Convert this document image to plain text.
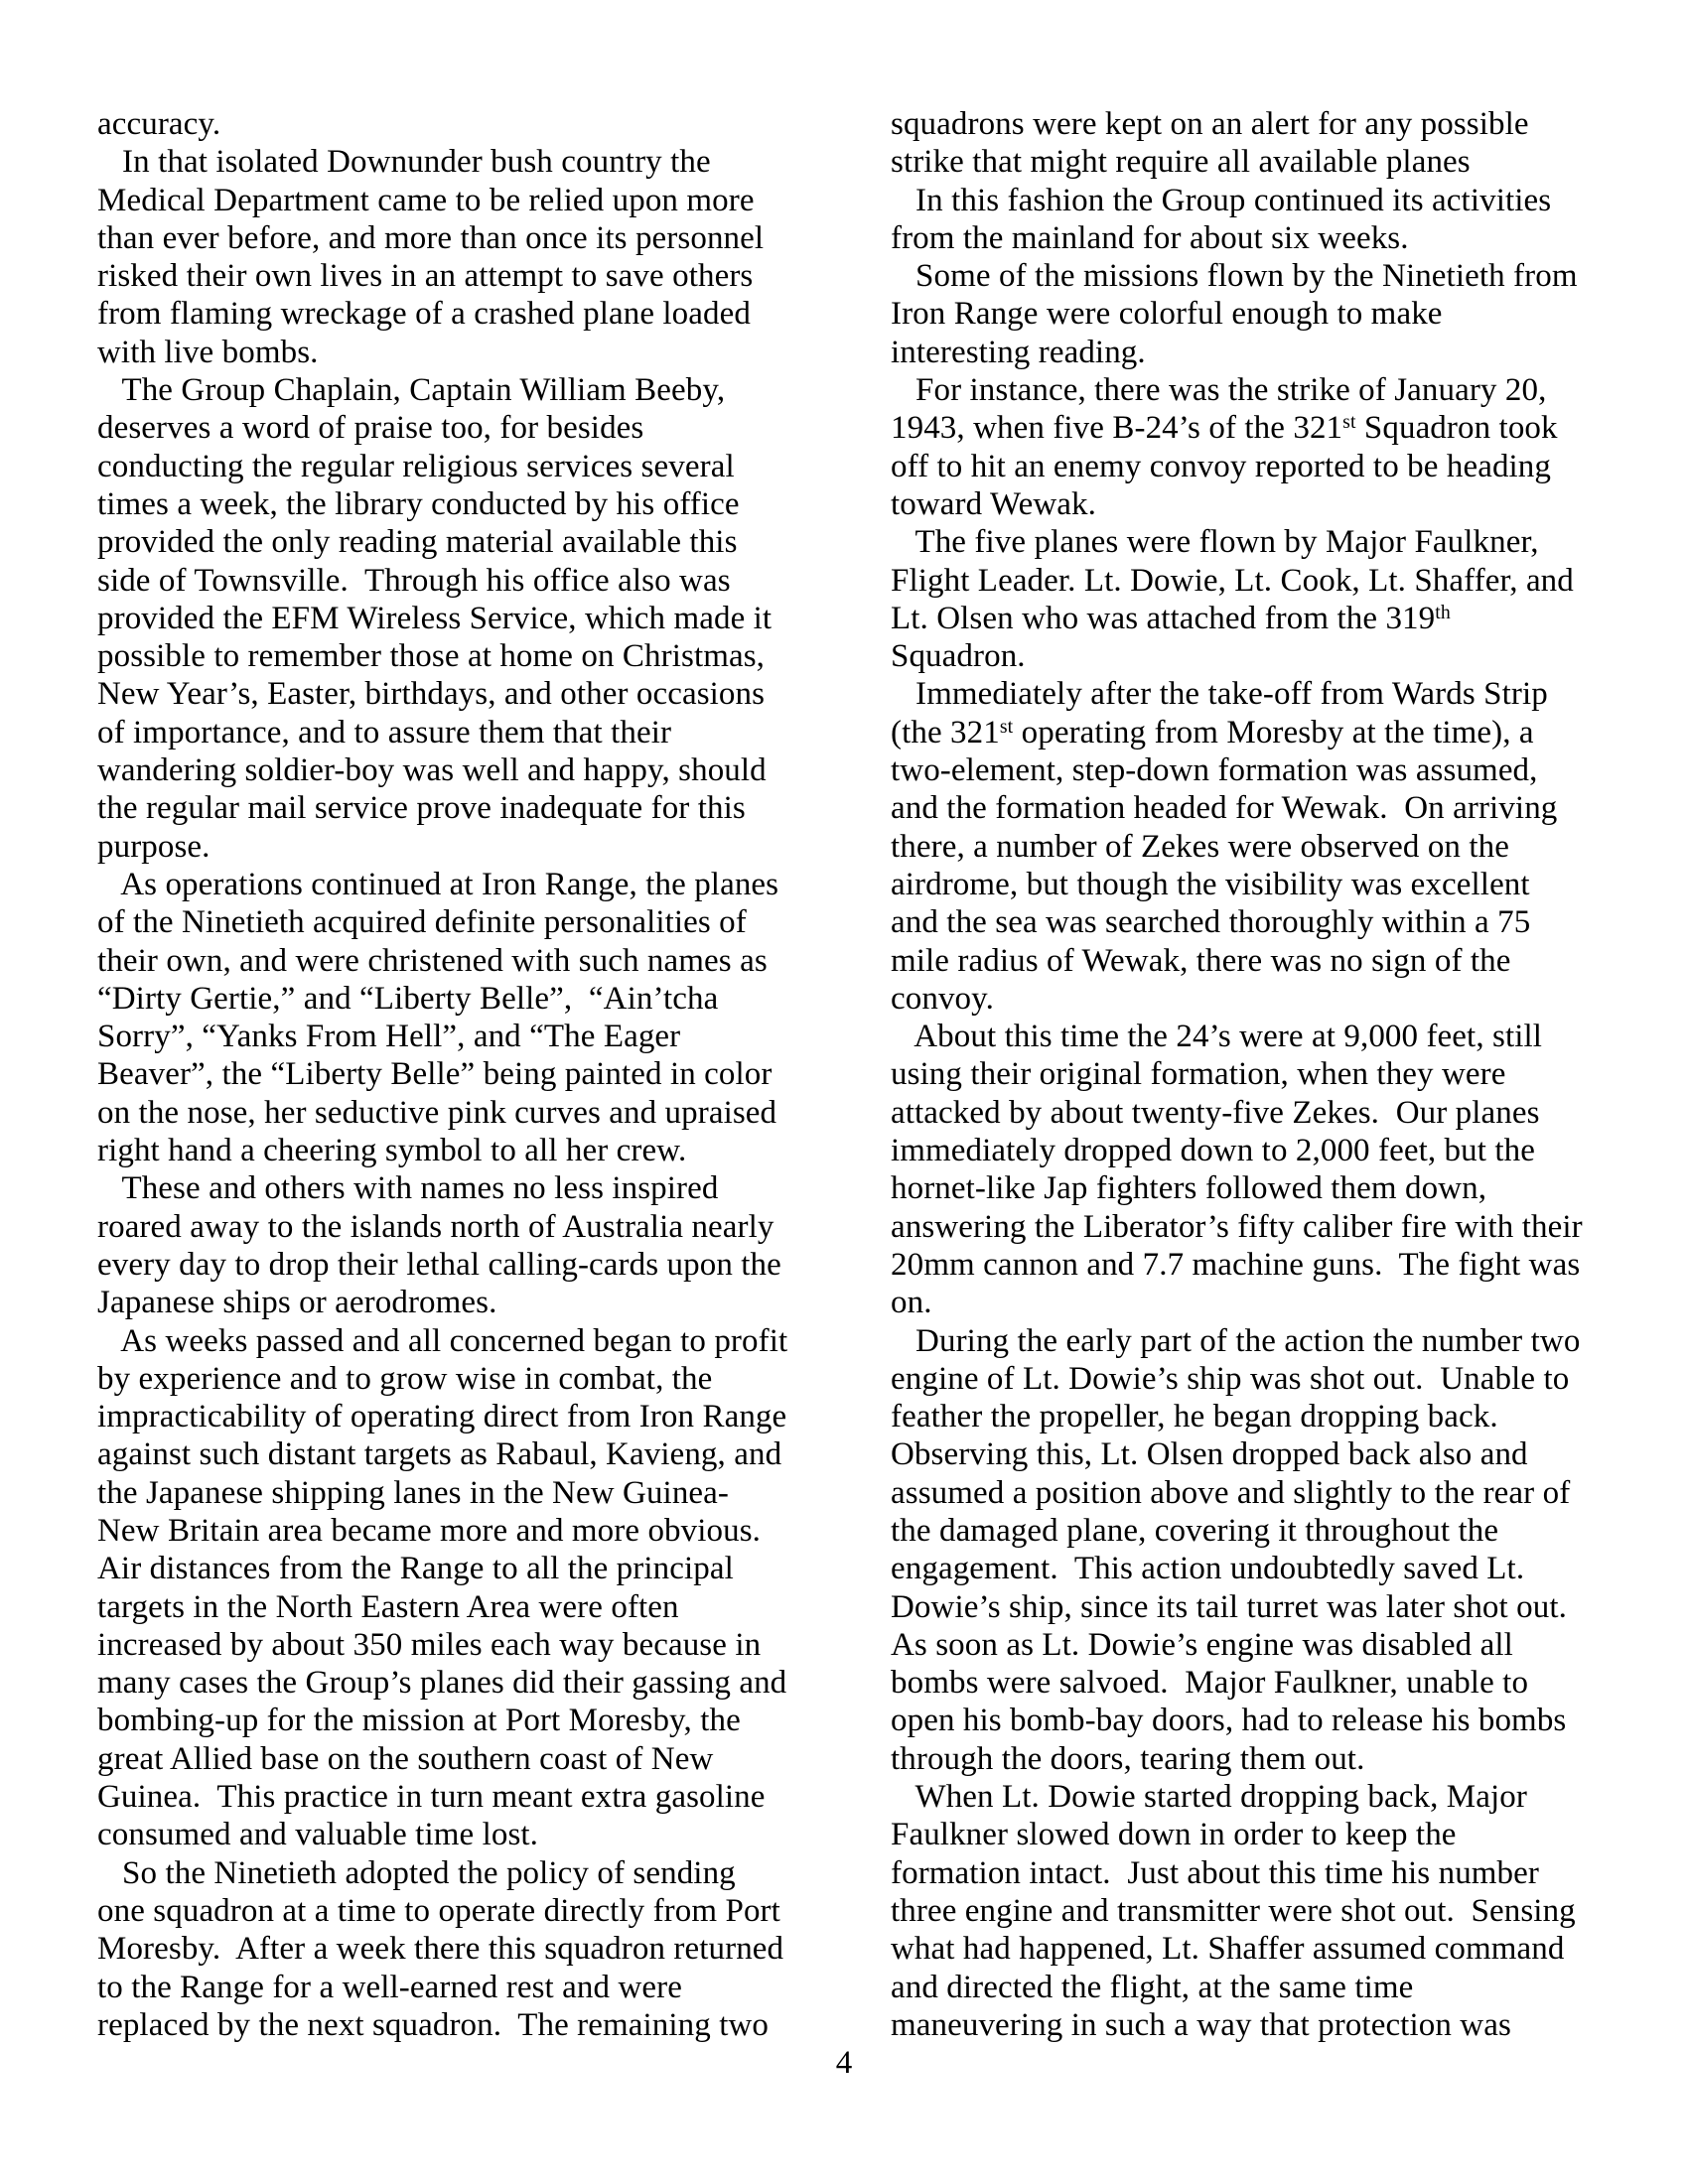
accuracy.
In that isolated Downunder bush country the
Medical Department came to be relied upon more
than ever before, and more than once its personnel
risked their own lives in an attempt to save others
from flaming wreckage of a crashed plane loaded
with live bombs.
The Group Chaplain, Captain William Beeby,
deserves a word of praise too, for besides
conducting the regular religious services several
times a week, the library conducted by his office
provided the only reading material available this
side of Townsville.  Through his office also was
provided the EFM Wireless Service, which made it
possible to remember those at home on Christmas,
New Year’s, Easter, birthdays, and other occasions
of importance, and to assure them that their
wandering soldier-boy was well and happy, should
the regular mail service prove inadequate for this
purpose.
As operations continued at Iron Range, the planes
of the Ninetieth acquired definite personalities of
their own, and were christened with such names as
“Dirty Gertie,” and “Liberty Belle”,  “Ain’tcha
Sorry”, “Yanks From Hell”, and “The Eager
Beaver”, the “Liberty Belle” being painted in color
on the nose, her seductive pink curves and upraised
right hand a cheering symbol to all her crew.
These and others with names no less inspired
roared away to the islands north of Australia nearly
every day to drop their lethal calling-cards upon the
Japanese ships or aerodromes.
As weeks passed and all concerned began to profit
by experience and to grow wise in combat, the
impracticability of operating direct from Iron Range
against such distant targets as Rabaul, Kavieng, and
the Japanese shipping lanes in the New Guinea-
New Britain area became more and more obvious.
Air distances from the Range to all the principal
targets in the North Eastern Area were often
increased by about 350 miles each way because in
many cases the Group’s planes did their gassing and
bombing-up for the mission at Port Moresby, the
great Allied base on the southern coast of New
Guinea.  This practice in turn meant extra gasoline
consumed and valuable time lost.
So the Ninetieth adopted the policy of sending
one squadron at a time to operate directly from Port
Moresby.  After a week there this squadron returned
to the Range for a well-earned rest and were
replaced by the next squadron.  The remaining two
squadrons were kept on an alert for any possible
strike that might require all available planes
In this fashion the Group continued its activities
from the mainland for about six weeks.
Some of the missions flown by the Ninetieth from
Iron Range were colorful enough to make
interesting reading.
For instance, there was the strike of January 20,
1943, when five B-24’s of the 321st Squadron took
off to hit an enemy convoy reported to be heading
toward Wewak.
The five planes were flown by Major Faulkner,
Flight Leader. Lt. Dowie, Lt. Cook, Lt. Shaffer, and
Lt. Olsen who was attached from the 319th
Squadron.
Immediately after the take-off from Wards Strip
(the 321st operating from Moresby at the time), a
two-element, step-down formation was assumed,
and the formation headed for Wewak.  On arriving
there, a number of Zekes were observed on the
airdrome, but though the visibility was excellent
and the sea was searched thoroughly within a 75
mile radius of Wewak, there was no sign of the
convoy.
About this time the 24’s were at 9,000 feet, still
using their original formation, when they were
attacked by about twenty-five Zekes.  Our planes
immediately dropped down to 2,000 feet, but the
hornet-like Jap fighters followed them down,
answering the Liberator’s fifty caliber fire with their
20mm cannon and 7.7 machine guns.  The fight was
on.
During the early part of the action the number two
engine of Lt. Dowie’s ship was shot out.  Unable to
feather the propeller, he began dropping back.
Observing this, Lt. Olsen dropped back also and
assumed a position above and slightly to the rear of
the damaged plane, covering it throughout the
engagement.  This action undoubtedly saved Lt.
Dowie’s ship, since its tail turret was later shot out.
As soon as Lt. Dowie’s engine was disabled all
bombs were salvoed.  Major Faulkner, unable to
open his bomb-bay doors, had to release his bombs
through the doors, tearing them out.
When Lt. Dowie started dropping back, Major
Faulkner slowed down in order to keep the
formation intact.  Just about this time his number
three engine and transmitter were shot out.  Sensing
what had happened, Lt. Shaffer assumed command
and directed the flight, at the same time
maneuvering in such a way that protection was
4
